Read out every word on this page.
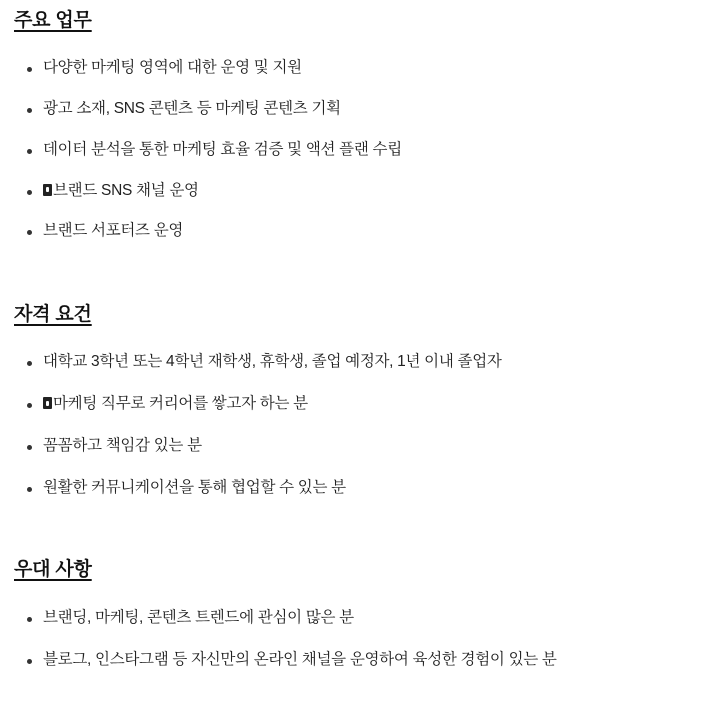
주요 업무
다양한 마케팅 영역에 대한 운영 및 지원
광고 소재, SNS 콘텐츠 등 마케팅 콘텐츠 기획
데이터 분석을 통한 마케팅 효율 검증 및 액션 플랜 수립
브랜드 SNS 채널 운영
브랜드 서포터즈 운영
자격 요건
대학교 3학년 또는 4학년 재학생, 휴학생, 졸업 예정자, 1년 이내 졸업자
마케팅 직무로 커리어를 쌓고자 하는 분
꼼꼼하고 책임감 있는 분
원활한 커뮤니케이션을 통해 협업할 수 있는 분
우대 사항
브랜딩, 마케팅, 콘텐츠 트렌드에 관심이 많은 분
블로그, 인스타그램 등 자신만의 온라인 채널을 운영하여 육성한 경험이 있는 분
